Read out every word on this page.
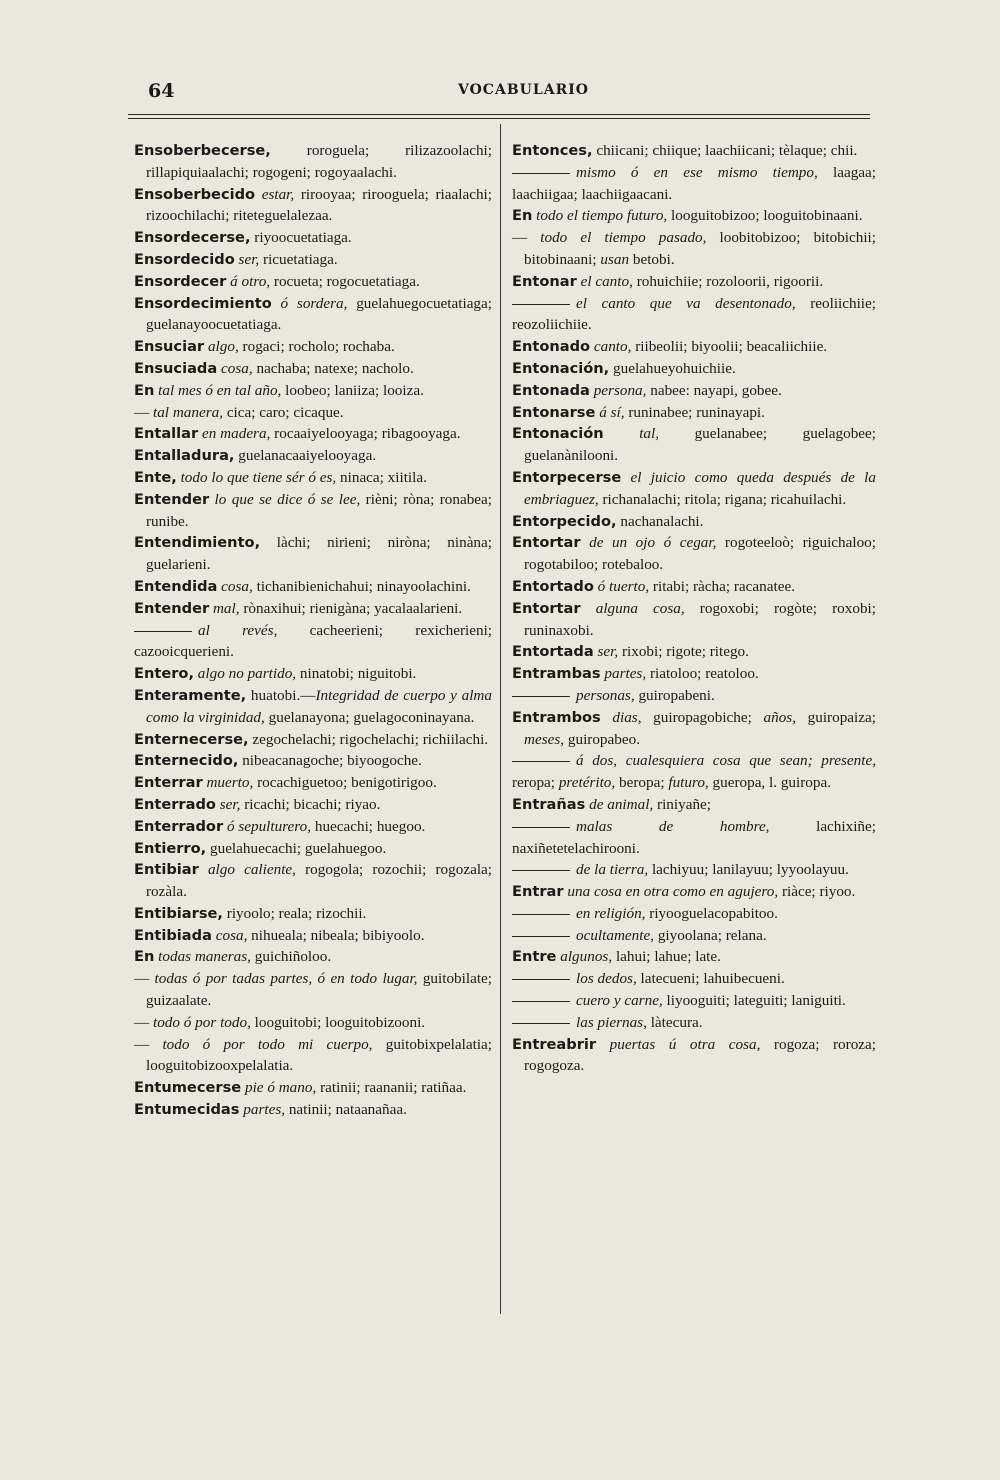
64	VOCABULARIO
Ensoberbecerse, roroguela; rilizazoolachi; rillapiquiaalachi; rogogeni; rogoyaalachi.
Ensoberbecido estar, rirooyaa; rirooguela; riaalachi; rizoochilachi; riteteguelalezaa.
Ensordecerse, riyoocuetatiaga.
Ensordecido ser, ricuetatiaga.
Ensordecer á otro, rocueta; rogocuetatiaga.
Ensordecimiento ó sordera, guelahuegocuetatiaga; guelanayoocuetatiaga.
Ensuciar algo, rogaci; rocholo; rochaba.
Ensuciada cosa, nachaba; natexe; nacholo.
En tal mes ó en tal año, loobeo; laniiza; looiza.
— tal manera, cica; caro; cicaque.
Entallar en madera, rocaaiyelooyaga; ribagooyaga.
Entalladura, guelanacaaiyelooyaga.
Ente, todo lo que tiene sér ó es, ninaca; xiitila.
Entender lo que se dice ó se lee, rièni; ròna; ronabea; runibe.
Entendimiento, làchi; nirieni; niròna; ninàna; guelarieni.
Entendida cosa, tichanibienichahui; ninayoolachini.
Entender mal, rònaxihui; rienigàna; yacalaalarieni.
al revés, cacheerieni; rexicherieni; cazooicquerieni.
Entero, algo no partido, ninatobi; niguitobi.
Enteramente, huatobi.—Integridad de cuerpo y alma como la virginidad, guelanayona; guelagoconinayana.
Enternecerse, zegochelachi; rigochelachi; richiilachi.
Enternecido, nibeacanagoche; biyoogoche.
Enterrar muerto, rocachiguetoo; benigotirigoo.
Enterrado ser, ricachi; bicachi; riyao.
Enterrador ó sepulturero, huecachi; huegoo.
Entierro, guelahuecachi; guelahuegoo.
Entibiar algo caliente, rogogola; rozochii; rogozala; rozàla.
Entibiarse, riyoolo; reala; rizochii.
Entibiada cosa, nihueala; nibeala; bibiyoolo.
En todas maneras, guichiñoloo.
— todas ó por tadas partes, ó en todo lugar, guitobilate; guizaalate.
— todo ó por todo, looguitobi; looguitobizooni.
— todo ó por todo mi cuerpo, guitobixpelalatia; looguitobizooxpelalatia.
Entumecerse pie ó mano, ratinii; raananii; ratiñaa.
Entumecidas partes, natinii; nataanañaa.
Entonces, chiicani; chiique; laachiicani; tèlaque; chii.
mismo ó en ese mismo tiempo, laagaa; laachiigaa; laachiigaacani.
En todo el tiempo futuro, looguitobizoo; looguitobinaani.
— todo el tiempo pasado, loobitobizoo; bitobichii; bitobinaani; usan betobi.
Entonar el canto, rohuichiie; rozoloorii, rigoorii.
el canto que va desentonado, reoliichiie; reozoliichiie.
Entonado canto, riibeolii; biyoolii; beacaliichiie.
Entonación, guelahueyohuichiie.
Entonada persona, nabee: nayapi, gobee.
Entonarse á sí, runinabee; runinayapi.
Entonación tal, guelanabee; guelagobee; guelanànilooni.
Entorpecerse el juicio como queda después de la embriaguez, richanalachi; ritola; rigana; ricahuilachi.
Entorpecido, nachanalachi.
Entortar de un ojo ó cegar, rogoteeloò; riguichaloo; rogotabiloo; rotebaloo.
Entortado ó tuerto, ritabi; ràcha; racanatee.
Entortar alguna cosa, rogoxobi; rogòte; roxobi; runinaxobi.
Entortada ser, rixobi; rigote; ritego.
Entrambas partes, riatoloo; reatoloo.
personas, guiropabeni.
Entrambos dias, guiropagobiche; años, guiropaiza; meses, guiropabeo.
á dos, cualesquiera cosa que sean; presente, reropa; pretérito, beropa; futuro, gueropa, l. guiropa.
Entrañas de animal, riniyañe;
malas de hombre, lachixiñe; naxiñetetelachirooni.
de la tierra, lachiyuu; lanilayuu; lyyoolayuu.
Entrar una cosa en otra como en agujero, riàce; riyoo.
en religión, riyooguelacopabitoo.
ocultamente, giyoolana; relana.
Entre algunos, lahui; lahue; late.
los dedos, latecueni; lahuibecueni.
cuero y carne, liyooguiti; lateguiti; laniguiti.
las piernas, làtecura.
Entreabrir puertas ú otra cosa, rogoza; roroza; rogogoza.
